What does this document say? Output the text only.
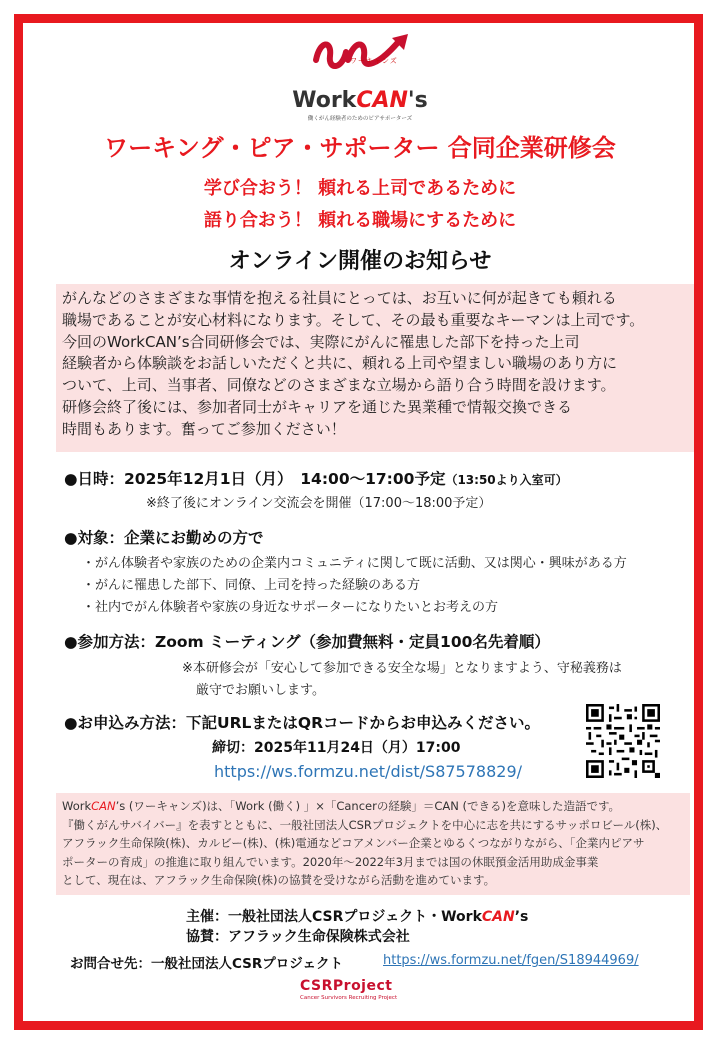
ワーキャンズ
WorkCAN's
働くがん経験者のためのピアサポーターズ
ワーキング・ピア・サポーター 合同企業研修会
学び合おう！ 頼れる上司であるために
語り合おう！ 頼れる職場にするために
オンライン開催のお知らせ

がんなどのさまざまな事情を抱える社員にとっては、お互いに何が起きても頼れる

職場であることが安心材料になります。そして、その最も重要なキーマンは上司です。

今回のWorkCAN’s合同研修会では、実際にがんに罹患した部下を持った上司

経験者から体験談をお話しいただくと共に、頼れる上司や望ましい職場のあり方に

ついて、上司、当事者、同僚などのさまざまな立場から語り合う時間を設けます。

研修会終了後には、参加者同士がキャリアを通じた異業種で情報交換できる

時間もあります。奮ってご参加ください！

●日時：2025年12月1日（月）　14:00～17:00予定（13:50より入室可）
※終了後にオンライン交流会を開催（17:00～18:00予定）
●対象：企業にお勤めの方で
・がん体験者や家族のための企業内コミュニティに関して既に活動、又は関心・興味がある方
・がんに罹患した部下、同僚、上司を持った経験のある方
・社内でがん体験者や家族の身近なサポーターになりたいとお考えの方
●参加方法：Zoom ミーティング（参加費無料・定員100名先着順）
※本研修会が「安心して参加できる安全な場」となりますよう、守秘義務は
厳守でお願いします。
●お申込み方法：下記URLまたはQRコードからお申込みください。
締切：2025年11月24日（月）17:00
https://ws.formzu.net/dist/S87578829/

WorkCAN’s (ワーキャンズ)は、「Work (働く) 」×「Cancerの経験」＝CAN (できる)を意味した造語です。

『働くがんサバイバー』を表すとともに、一般社団法人CSRプロジェクトを中心に志を共にするサッポロビール(株)、

アフラック生命保険(株)、カルビー(株)、(株)電通などコアメンバー企業とゆるくつながりながら、「企業内ピアサ

ポーターの育成」の推進に取り組んでいます。2020年～2022年3月までは国の休眠預金活用助成金事業

として、現在は、アフラック生命保険(株)の協賛を受けながら活動を進めています。

主催：一般社団法人CSRプロジェクト・WorkCAN’s
協賛：アフラック生命保険株式会社
お問合せ先：一般社団法人CSRプロジェクト	https://ws.formzu.net/fgen/S18944969/
CSRProject
Cancer Survivors Recruiting Project
